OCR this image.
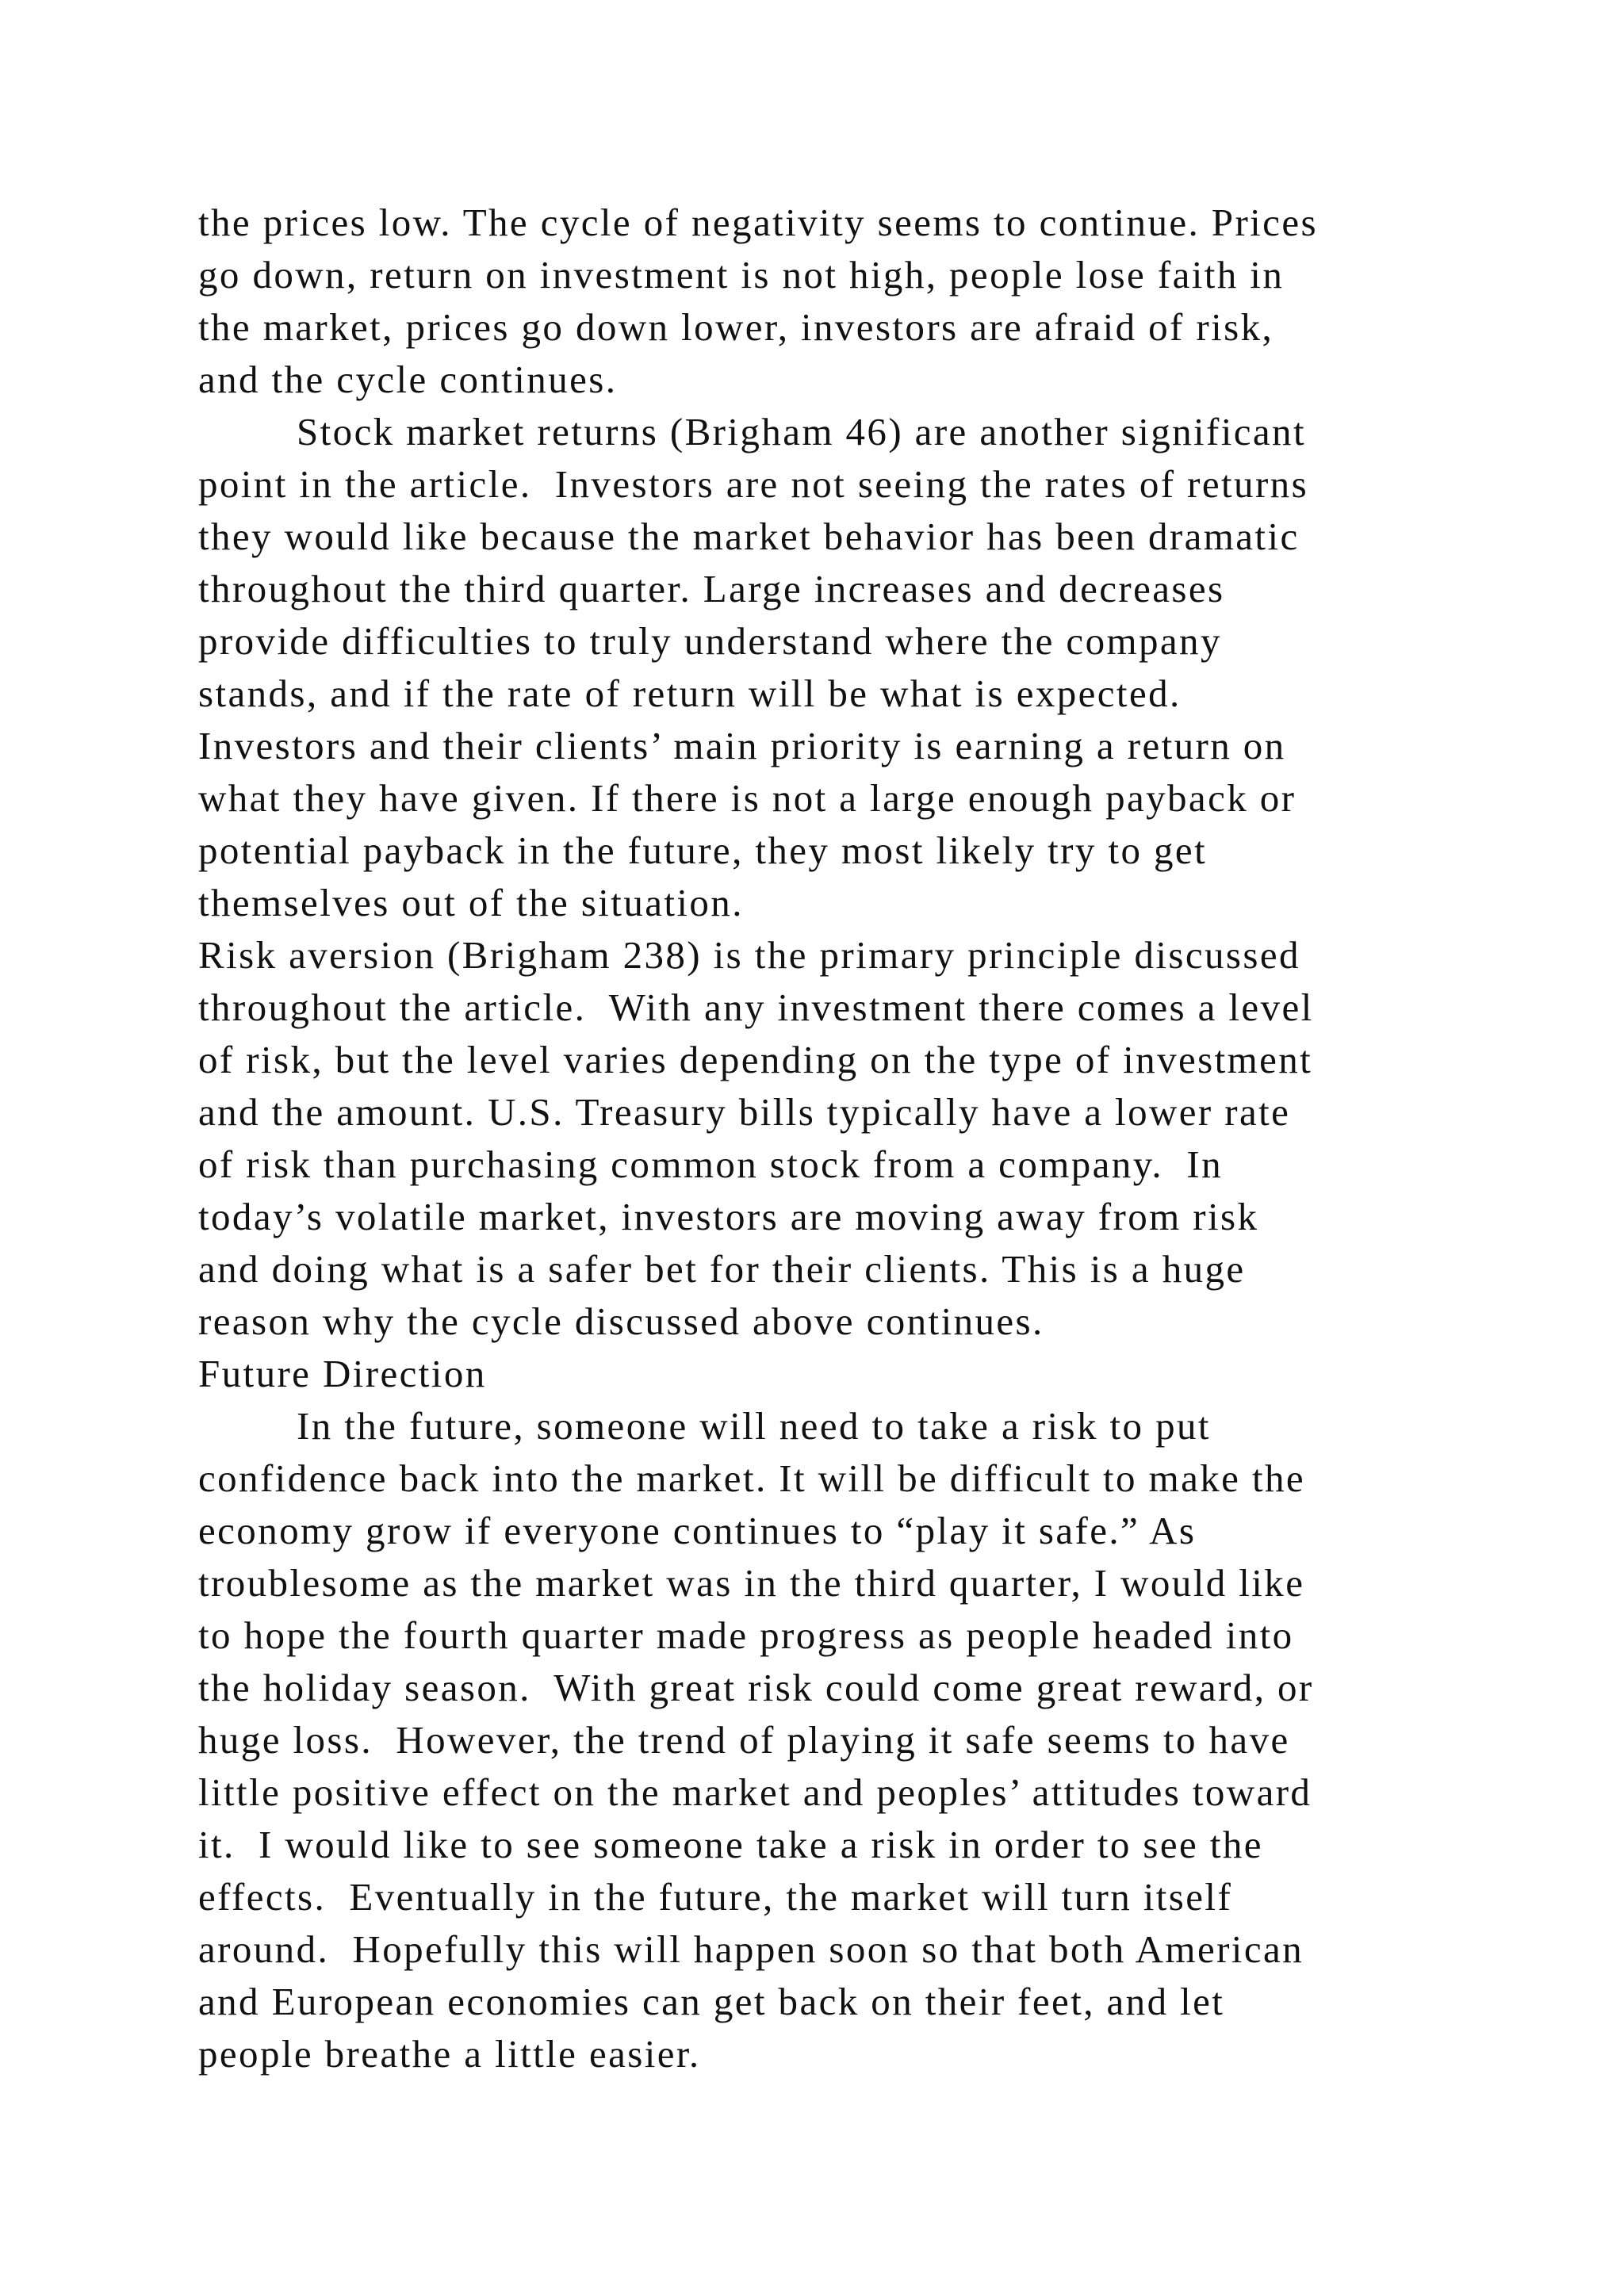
the prices low. The cycle of negativity seems to continue. Prices
go down, return on investment is not high, people lose faith in
the market, prices go down lower, investors are afraid of risk,
and the cycle continues.
Stock market returns (Brigham 46) are another significant
point in the article.  Investors are not seeing the rates of returns
they would like because the market behavior has been dramatic
throughout the third quarter. Large increases and decreases
provide difficulties to truly understand where the company
stands, and if the rate of return will be what is expected.
Investors and their clients’ main priority is earning a return on
what they have given. If there is not a large enough payback or
potential payback in the future, they most likely try to get
themselves out of the situation.
Risk aversion (Brigham 238) is the primary principle discussed
throughout the article.  With any investment there comes a level
of risk, but the level varies depending on the type of investment
and the amount. U.S. Treasury bills typically have a lower rate
of risk than purchasing common stock from a company.  In
today’s volatile market, investors are moving away from risk
and doing what is a safer bet for their clients. This is a huge
reason why the cycle discussed above continues.
Future Direction
In the future, someone will need to take a risk to put
confidence back into the market. It will be difficult to make the
economy grow if everyone continues to “play it safe.” As
troublesome as the market was in the third quarter, I would like
to hope the fourth quarter made progress as people headed into
the holiday season.  With great risk could come great reward, or
huge loss.  However, the trend of playing it safe seems to have
little positive effect on the market and peoples’ attitudes toward
it.  I would like to see someone take a risk in order to see the
effects.  Eventually in the future, the market will turn itself
around.  Hopefully this will happen soon so that both American
and European economies can get back on their feet, and let
people breathe a little easier.
